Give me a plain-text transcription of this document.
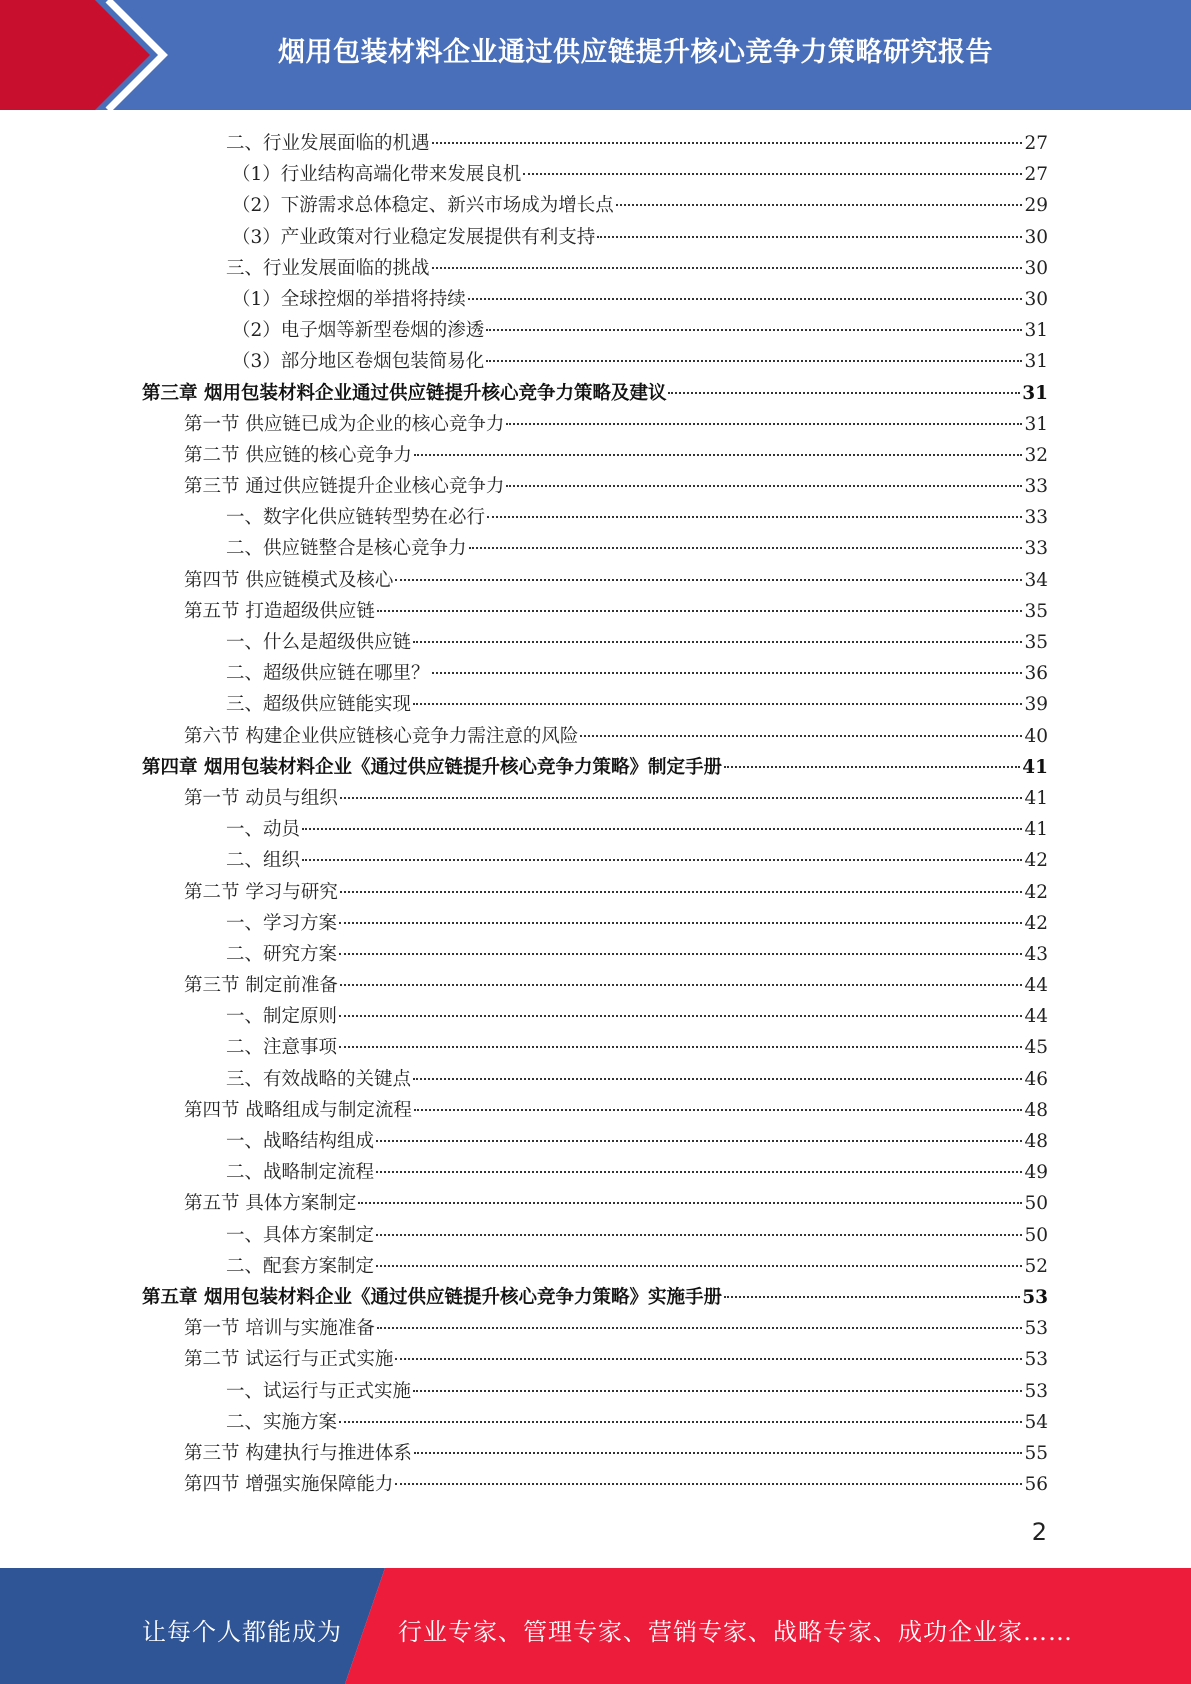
烟用包装材料企业通过供应链提升核心竞争力策略研究报告
二、行业发展面临的机遇	27
（1）行业结构高端化带来发展良机	27
（2）下游需求总体稳定、新兴市场成为增长点	29
（3）产业政策对行业稳定发展提供有利支持	30
三、行业发展面临的挑战	30
（1）全球控烟的举措将持续	30
（2）电子烟等新型卷烟的渗透	31
（3）部分地区卷烟包装简易化	31
第三章 烟用包装材料企业通过供应链提升核心竞争力策略及建议	31
第一节 供应链已成为企业的核心竞争力	31
第二节 供应链的核心竞争力	32
第三节 通过供应链提升企业核心竞争力	33
一、数字化供应链转型势在必行	33
二、供应链整合是核心竞争力	33
第四节 供应链模式及核心	34
第五节 打造超级供应链	35
一、什么是超级供应链	35
二、超级供应链在哪里？	36
三、超级供应链能实现	39
第六节 构建企业供应链核心竞争力需注意的风险	40
第四章 烟用包装材料企业《通过供应链提升核心竞争力策略》制定手册	41
第一节 动员与组织	41
一、动员	41
二、组织	42
第二节 学习与研究	42
一、学习方案	42
二、研究方案	43
第三节 制定前准备	44
一、制定原则	44
二、注意事项	45
三、有效战略的关键点	46
第四节 战略组成与制定流程	48
一、战略结构组成	48
二、战略制定流程	49
第五节 具体方案制定	50
一、具体方案制定	50
二、配套方案制定	52
第五章 烟用包装材料企业《通过供应链提升核心竞争力策略》实施手册	53
第一节 培训与实施准备	53
第二节 试运行与正式实施	53
一、试运行与正式实施	53
二、实施方案	54
第三节 构建执行与推进体系	55
第四节 增强实施保障能力	56
2
让每个人都能成为 行业专家、管理专家、营销专家、战略专家、成功企业家……
